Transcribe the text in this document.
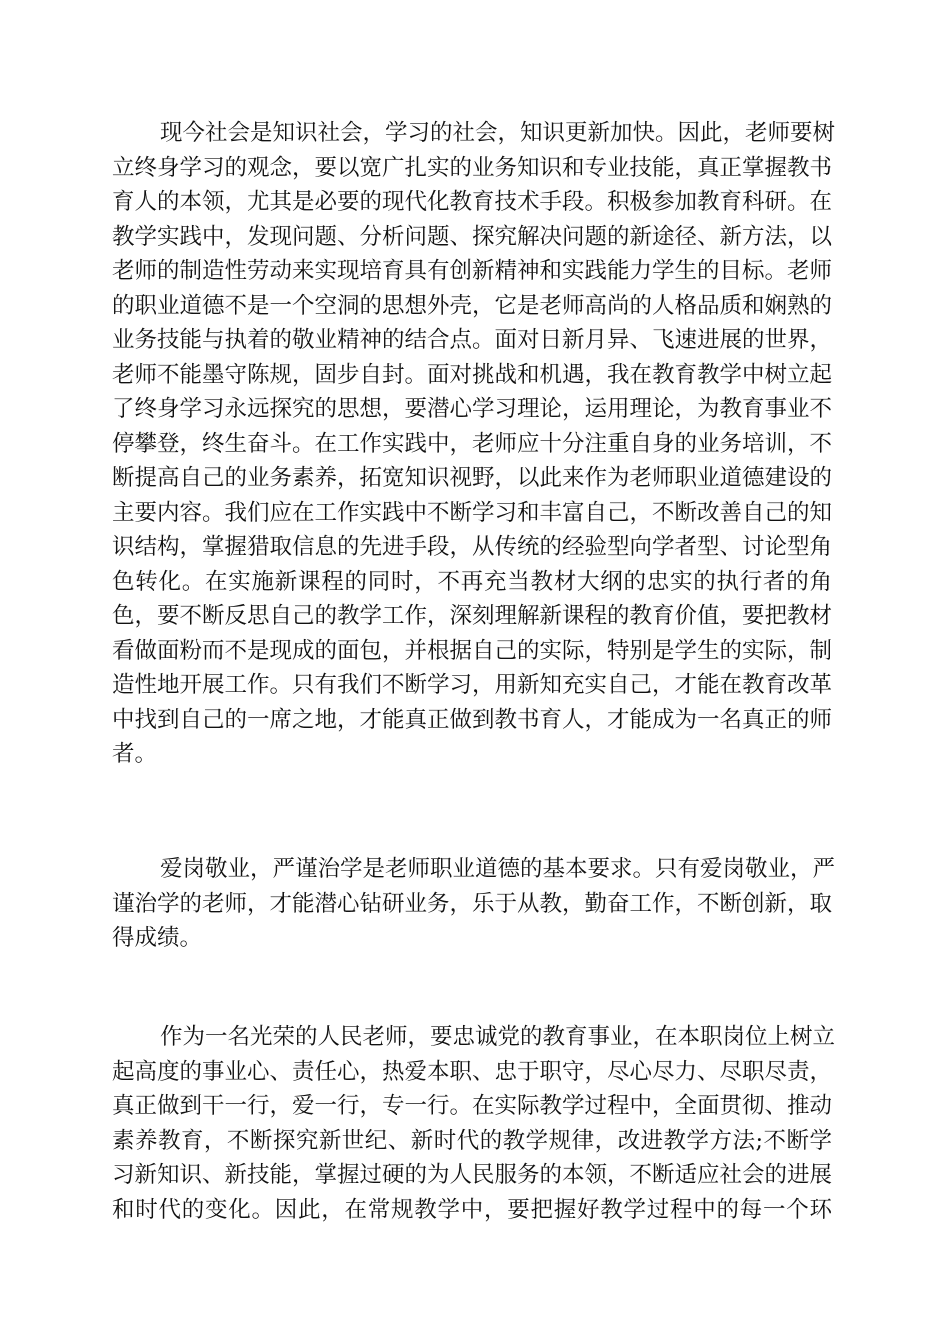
现今社会是知识社会，学习的社会，知识更新加快。因此，老师要树
立终身学习的观念，要以宽广扎实的业务知识和专业技能，真正掌握教书
育人的本领，尤其是必要的现代化教育技术手段。积极参加教育科研。在
教学实践中，发现问题、分析问题、探究解决问题的新途径、新方法，以
老师的制造性劳动来实现培育具有创新精神和实践能力学生的目标。老师
的职业道德不是一个空洞的思想外壳，它是老师高尚的人格品质和娴熟的
业务技能与执着的敬业精神的结合点。面对日新月异、飞速进展的世界，
老师不能墨守陈规，固步自封。面对挑战和机遇，我在教育教学中树立起
了终身学习永远探究的思想，要潜心学习理论，运用理论，为教育事业不
停攀登，终生奋斗。在工作实践中，老师应十分注重自身的业务培训，不
断提高自己的业务素养，拓宽知识视野，以此来作为老师职业道德建设的
主要内容。我们应在工作实践中不断学习和丰富自己，不断改善自己的知
识结构，掌握猎取信息的先进手段，从传统的经验型向学者型、讨论型角
色转化。在实施新课程的同时，不再充当教材大纲的忠实的执行者的角
色，要不断反思自己的教学工作，深刻理解新课程的教育价值，要把教材
看做面粉而不是现成的面包，并根据自己的实际，特别是学生的实际，制
造性地开展工作。只有我们不断学习，用新知充实自己，才能在教育改革
中找到自己的一席之地，才能真正做到教书育人，才能成为一名真正的师
者。
爱岗敬业，严谨治学是老师职业道德的基本要求。只有爱岗敬业，严
谨治学的老师，才能潜心钻研业务，乐于从教，勤奋工作，不断创新，取
得成绩。
作为一名光荣的人民老师，要忠诚党的教育事业，在本职岗位上树立
起高度的事业心、责任心，热爱本职、忠于职守，尽心尽力、尽职尽责，
真正做到干一行，爱一行，专一行。在实际教学过程中，全面贯彻、推动
素养教育，不断探究新世纪、新时代的教学规律，改进教学方法;不断学
习新知识、新技能，掌握过硬的为人民服务的本领，不断适应社会的进展
和时代的变化。因此，在常规教学中，要把握好教学过程中的每一个环
